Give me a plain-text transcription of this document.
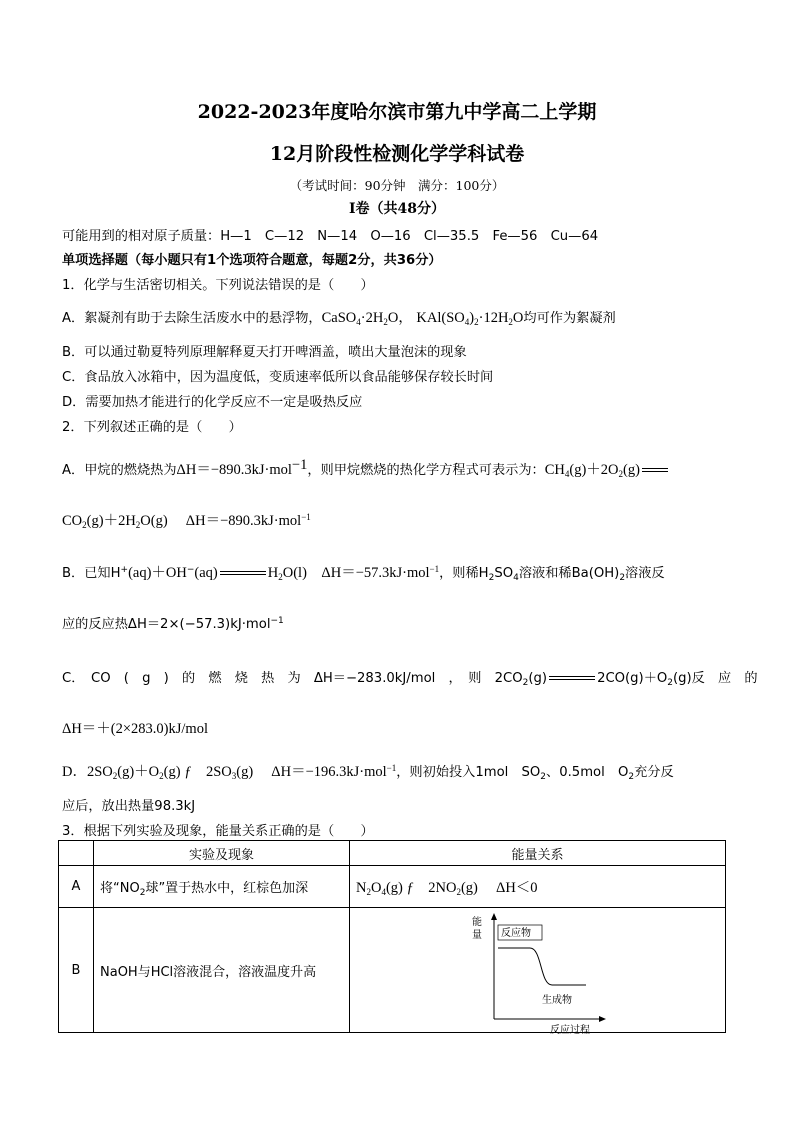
2022-2023年度哈尔滨市第九中学高二上学期
12月阶段性检测化学学科试卷
（考试时间：90分钟　满分：100分）
Ⅰ卷（共48分）
可能用到的相对原子质量：H—1　C—12　N—14　O—16　Cl—35.5　Fe—56　Cu—64
单项选择题（每小题只有1个选项符合题意，每题2分，共36分）
1．化学与生活密切相关。下列说法错误的是（　　）
A．絮凝剂有助于去除生活废水中的悬浮物，$CaSO_4\cdot 2H_2O$， $KAl(SO_4)_2\cdot 12H_2O$均可作为絮凝剂
B．可以通过勒夏特列原理解释夏天打开啤酒盖，喷出大量泡沫的现象
C．食品放入冰箱中，因为温度低，变质速率低所以食品能够保存较长时间
D．需要加热才能进行的化学反应不一定是吸热反应
2．下列叙述正确的是（　　）
A．甲烷的燃烧热为ΔH＝−890.3kJ·mol$^{-1}$，则甲烷燃烧的热化学方程式可表示为：$CH_4(g)+2O_2(g)$
$CO_2(g)+2H_2O(g)$　 ΔH＝−890.3kJ·mol$^{-1}$
B．已知H+(aq)＋OH−(aq)	$H_2O(l)$　ΔH＝−57.3kJ·mol$^{-1}$，则稀$H_2SO_4$溶液和稀$Ba(OH)_2$溶液反
应的反应热ΔH＝2×(−57.3)kJ·mol$^{-1}$
C．　CO　(　g　)　的　燃　烧　热　为　ΔH＝−283.0kJ/mol　，　则　$2CO_2(g)$	$2CO(g)+O_2(g)$反　应　的
ΔH＝＋(2×283.0)kJ/mol
D．$2SO_2(g)+O_2(g)$ ƒ　 $2SO_3(g)$　 ΔH＝−196.3kJ·mol$^{-1}$，则初始投入1mol　$SO_2$、0.5mol　$O_2$充分反
应后，放出热量98.3kJ
3．根据下列实验及现象，能量关系正确的是（　　）
	实验及现象	能量关系
A	将“$NO_2$球”置于热水中，红棕色加深	$N_2O_4(g)$ ƒ　 $2NO_2(g)$　 ΔH＜0
B	NaOH与HCl溶液混合，溶液温度升高	能
量 反应物
生成物
反应过程
